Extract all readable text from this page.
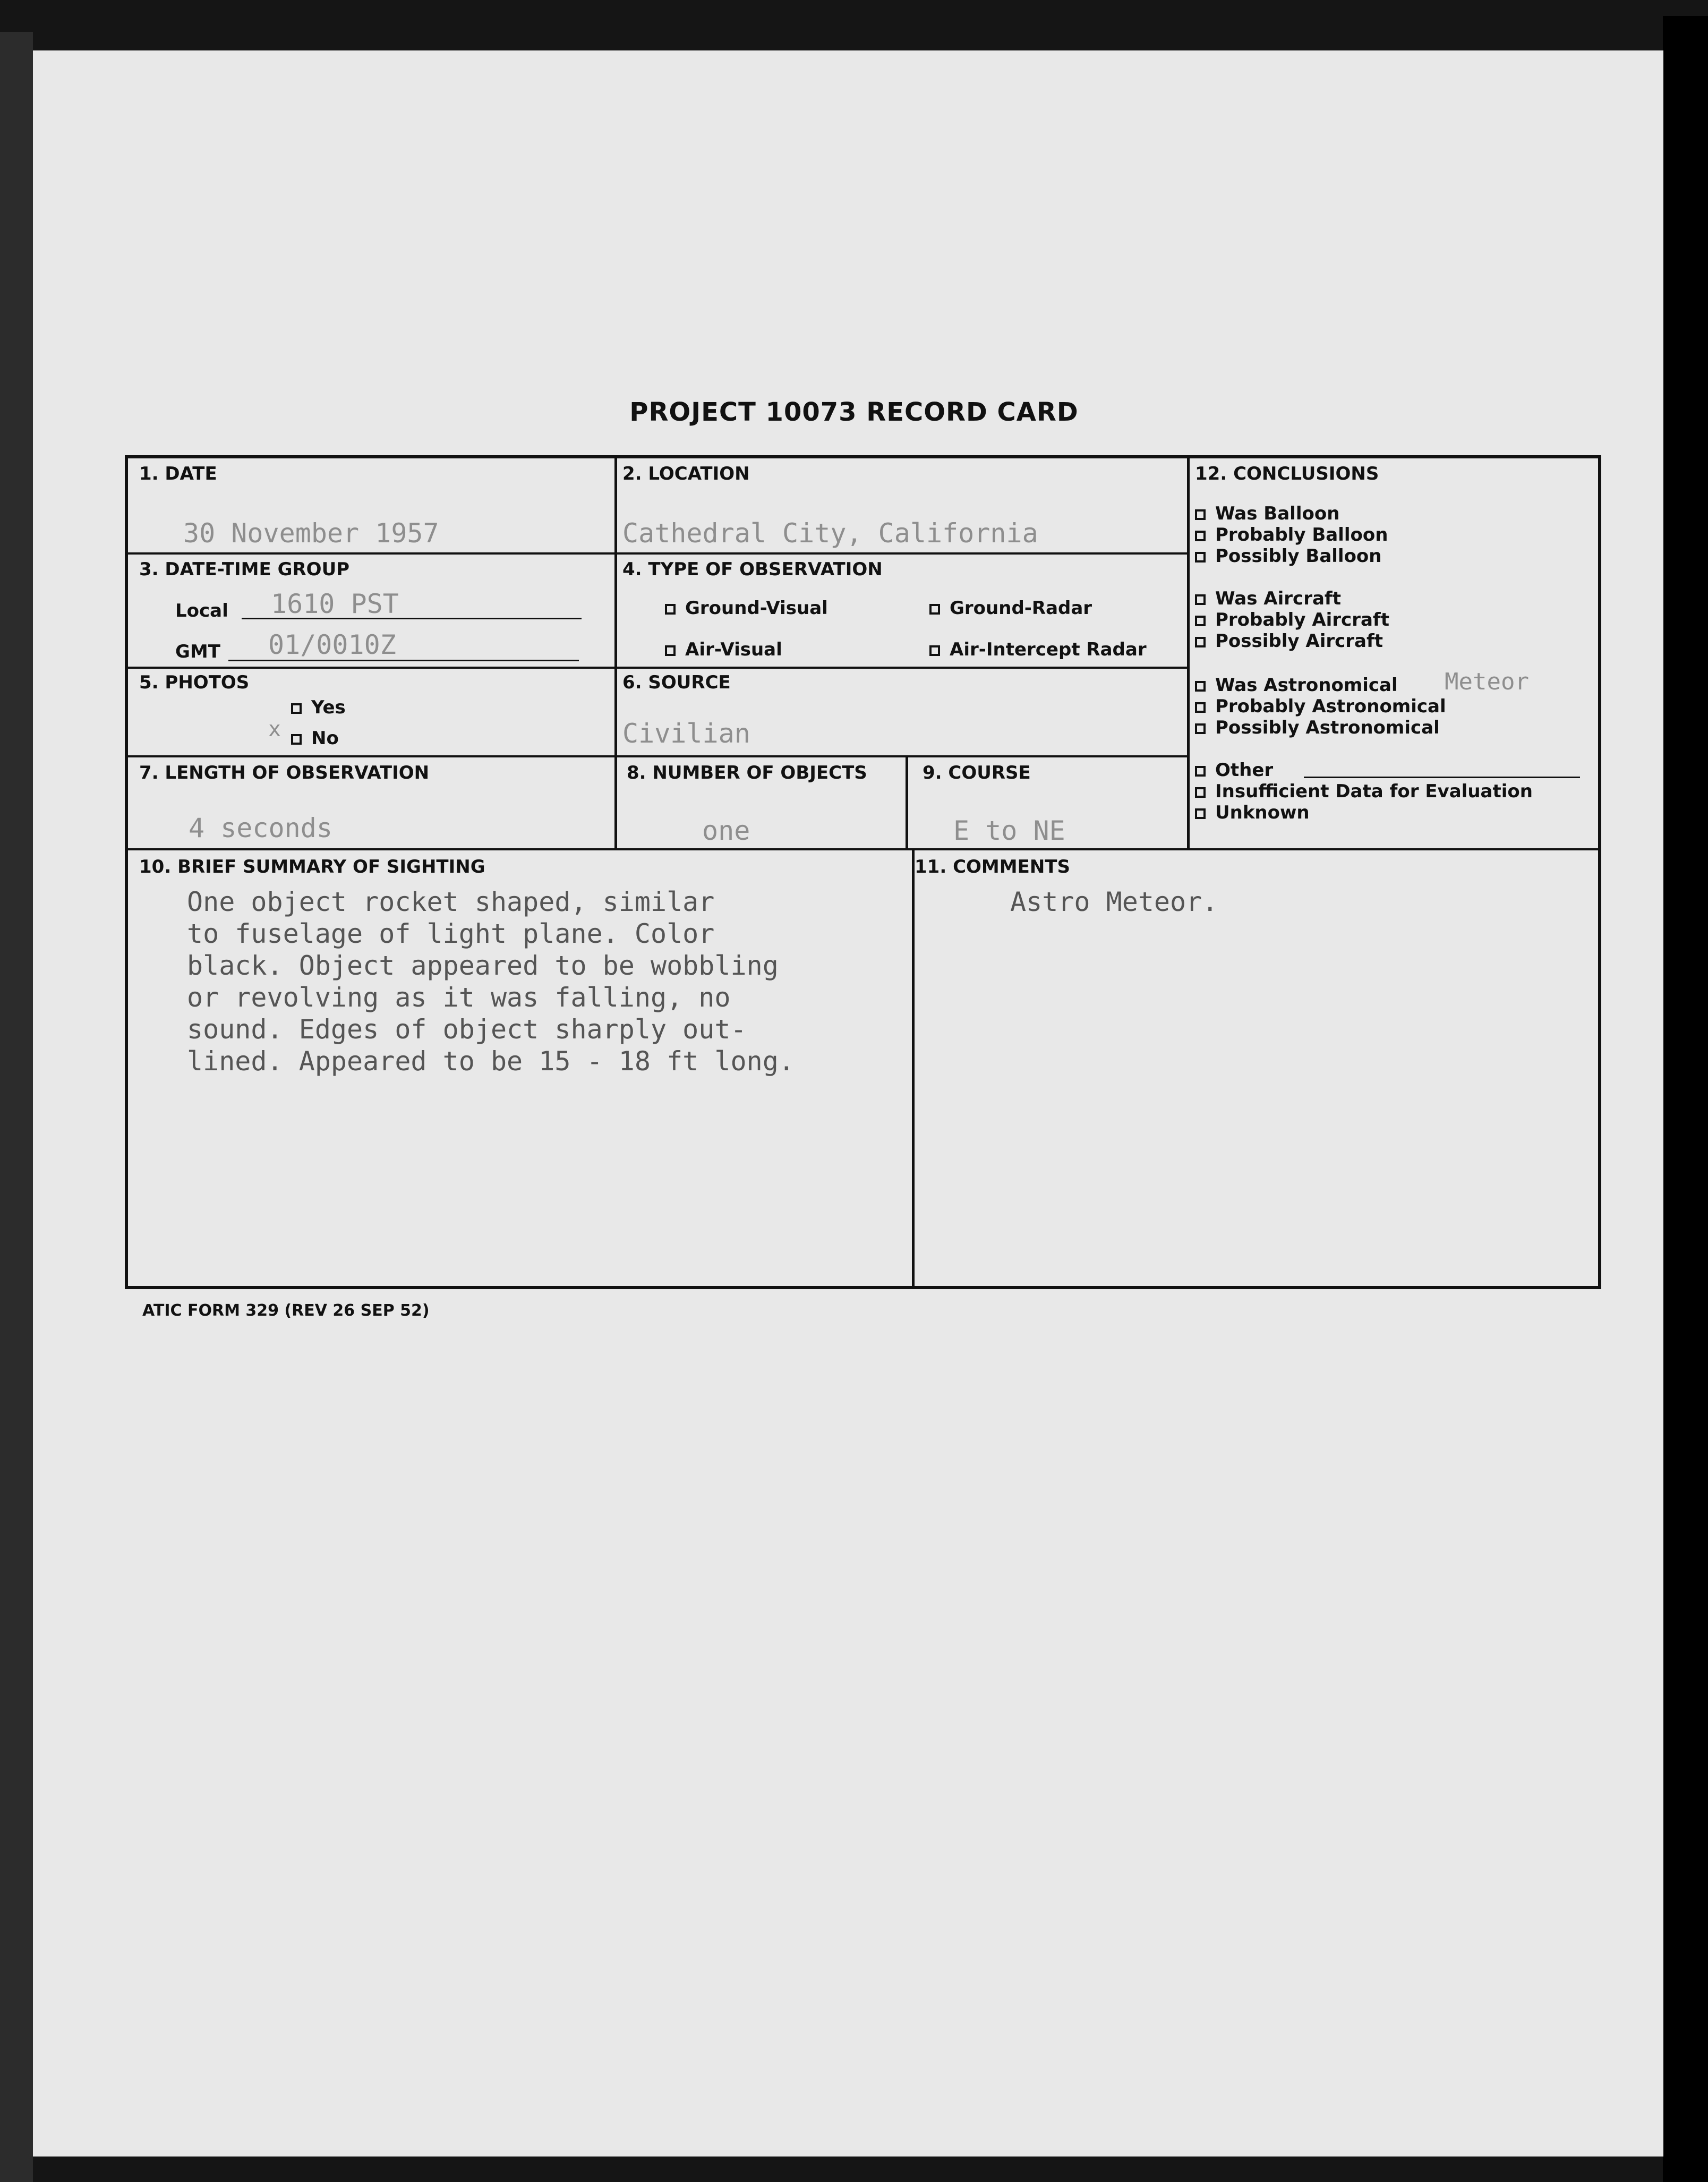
PROJECT 10073 RECORD CARD
1. DATE
30 November 1957
2. LOCATION
Cathedral City, California
3. DATE-TIME GROUP
Local 1610 PST
GMT 01/0010Z
4. TYPE OF OBSERVATION
Ground-Visual	Ground-Radar
Air-Visual	Air-Intercept Radar
5. PHOTOS
Yes
No
x
6. SOURCE
Civilian
7. LENGTH OF OBSERVATION
4 seconds
8. NUMBER OF OBJECTS
one
9. COURSE
E to NE
10. BRIEF SUMMARY OF SIGHTING
One object rocket shaped, similar
to fuselage of light plane. Color
black. Object appeared to be wobbling
or revolving as it was falling, no
sound. Edges of object sharply out-
lined. Appeared to be 15 - 18 ft long.
11. COMMENTS
Astro Meteor.
12. CONCLUSIONS
Was Balloon
Probably Balloon
Possibly Balloon
Was Aircraft
Probably Aircraft
Possibly Aircraft
Was Astronomical Meteor
Probably Astronomical
Possibly Astronomical
Other
Insufficient Data for Evaluation
Unknown
ATIC FORM 329 (REV 26 SEP 52)
